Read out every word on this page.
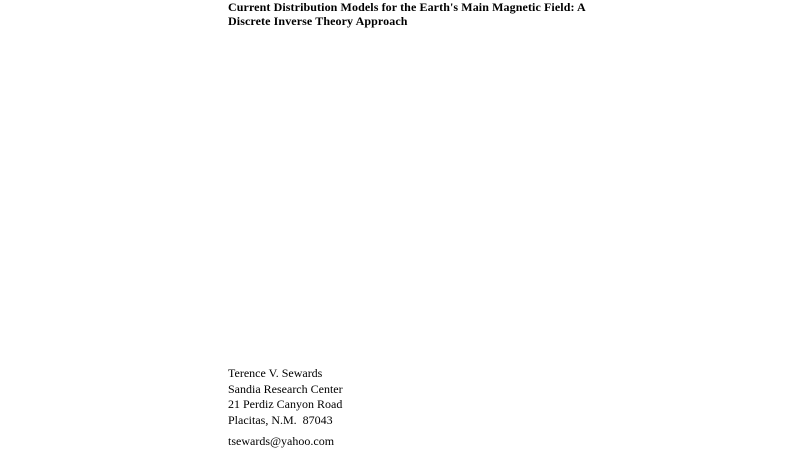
Current Distribution Models for the Earth's Main Magnetic Field: A
Discrete Inverse Theory Approach
Terence V. Sewards
Sandia Research Center
21 Perdiz Canyon Road
Placitas, N.M.  87043
tsewards@yahoo.com
